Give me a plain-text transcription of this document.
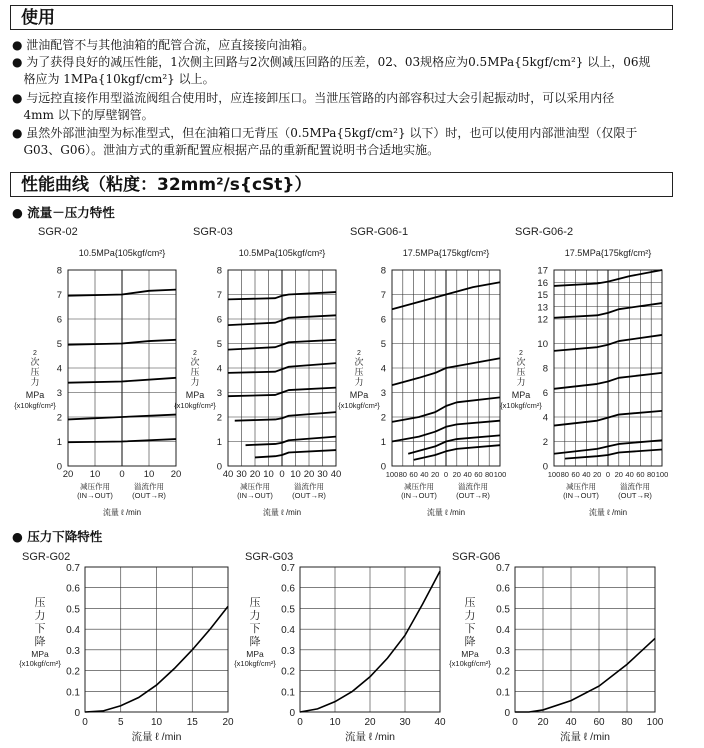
使用
● 泄油配管不与其他油箱的配管合流，应直接接向油箱。
● 为了获得良好的减压性能，1次侧主回路与2次侧减压回路的压差，02、03规格应为0.5MPa{5kgf/cm²} 以上，06规
格应为 1MPa{10kgf/cm²} 以上。
● 与远控直接作用型溢流阀组合使用时，应连接卸压口。当泄压管路的内部容积过大会引起振动时，可以采用内径
4mm 以下的厚壁钢管。
● 虽然外部泄油型为标准型式，但在油箱口无背压（0.5MPa{5kgf/cm²} 以下）时，也可以使用内部泄油型（仅限于
G03、G06）。泄油方式的重新配置应根据产品的重新配置说明书合适地实施。
性能曲线（粘度：32mm²/s{cSt}）
● 流量－压力特性
● 压力下降特性
SGR-02
10.5MPa{105kgf/cm²}
20 10 0 10 20
0
1
2
3
4
5
6
7
8
2
次
压
力
MPa
{x10kgf/cm²}
减压作用
(IN→OUT)
溢流作用
(OUT→R)
流量 ℓ /min
SGR-03
10.5MPa{105kgf/cm²}
40 30 20 10 0 10 20 30 40
0
1
2
3
4
5
6
7
8
2
次
压
力
MPa
{x10kgf/cm²}
减压作用
(IN→OUT)
溢流作用
(OUT→R)
流量 ℓ /min
SGR-G06-1
17.5MPa{175kgf/cm²}
100 80 60 40 20 0 20 40 60 80 100
0
1
2
3
4
5
6
7
8
2
次
压
力
MPa
{x10kgf/cm²}
减压作用
(IN→OUT)
溢流作用
(OUT→R)
流量 ℓ /min
SGR-G06-2
17.5MPa{175kgf/cm²}
100 80 60 40 20 0 20 40 60 80 100
0
2
4
6
8
10
12
13
15
16
17
2
次
压
力
MPa
{x10kgf/cm²}
减压作用
(IN→OUT)
溢流作用
(OUT→R)
流量 ℓ /min
SGR-G02
0	5	10 15 20
0
0.1
0.2
0.3
0.4
0.5
0.6
0.7
压
力
下
降
MPa
{x10kgf/cm²}
流量 ℓ /min
SGR-G03
0	10 20 30 40
0
0.1
0.2
0.3
0.4
0.5
0.6
0.7
压
力
下
降
MPa
{x10kgf/cm²}
流量 ℓ /min
SGR-G06
0 20 40 60 80 100
0
0.1
0.2
0.3
0.4
0.5
0.6
0.7
压
力
下
降
MPa
{x10kgf/cm²}
流量 ℓ /min
